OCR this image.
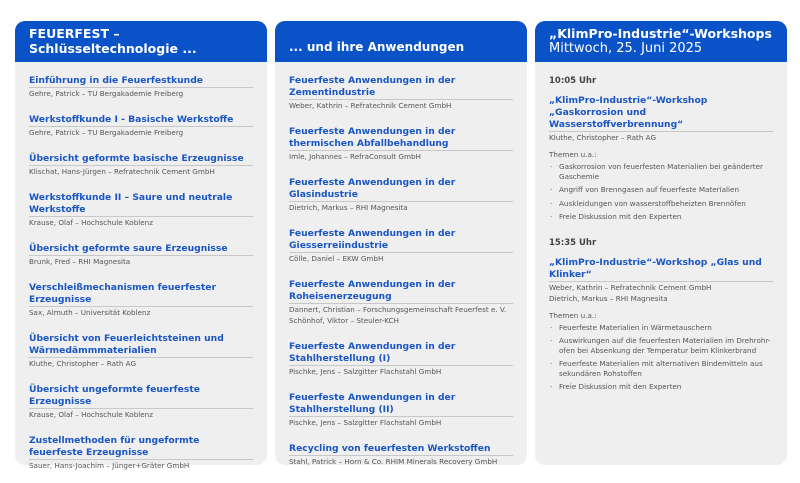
FEUERFEST – Schlüsseltechnologie ...
Einführung in die Feuerfestkunde
Gehre, Patrick – TU Bergakademie Freiberg
Werkstoffkunde I - Basische Werkstoffe
Gehre, Patrick – TU Bergakademie Freiberg
Übersicht geformte basische Erzeugnisse
Klischat, Hans-Jürgen – Refratechnik Cement GmbH
Werkstoffkunde II – Saure und neutrale Werkstoffe
Krause, Olaf – Hochschule Koblenz
Übersicht geformte saure Erzeugnisse
Brunk, Fred – RHI Magnesita
Verschleißmechanismen feuerfester Erzeugnisse
Sax, Almuth – Universität Koblenz
Übersicht von Feuerleichtsteinen und Wärmedämmmaterialien
Kluthe, Christopher – Rath AG
Übersicht ungeformte feuerfeste Erzeugnisse
Krause, Olaf – Hochschule Koblenz
Zustellmethoden für ungeformte feuerfeste Erzeugnisse
Sauer, Hans-Joachim – Jünger+Gräter GmbH
... und ihre Anwendungen
Feuerfeste Anwendungen in der Zementindustrie
Weber, Kathrin – Refratechnik Cement GmbH
Feuerfeste Anwendungen in der thermischen Abfallbehandlung
Imle, Johannes – RefraConsult GmbH
Feuerfeste Anwendungen in der Glasindustrie
Dietrich, Markus – RHI Magnesita
Feuerfeste Anwendungen in der Giesserreiindustrie
Cölle, Daniel – EKW GmbH
Feuerfeste Anwendungen in der Roheisenerzeugung
Dannert, Christian – Forschungsgemeinschaft Feuerfest e. V.
Schönhof, Viktor – Steuler-KCH
Feuerfeste Anwendungen in der Stahlherstellung (I)
Pischke, Jens – Salzgitter Flachstahl GmbH
Feuerfeste Anwendungen in der Stahlherstellung (II)
Pischke, Jens – Salzgitter Flachstahl GmbH
Recycling von feuerfesten Werkstoffen
Stahl, Patrick – Horn & Co. RHIM Minerals Recovery GmbH
„KlimPro-Industrie“-Workshops
Mittwoch, 25. Juni 2025
10:05 Uhr
„KlimPro-Industrie“-Workshop „Gaskorrosion und Wasserstoffverbrennung“
Kluthe, Christopher – Rath AG
Themen u.a.:
· Gaskorrosion von feuerfesten Materialien bei geänderter Gaschemie
· Angriff von Brenngasen auf feuerfeste Materialien
· Auskleidungen von wasserstoffbeheizten Brennöfen
· Freie Diskussion mit den Experten
15:35 Uhr
„KlimPro-Industrie“-Workshop „Glas und Klinker“
Weber, Kathrin – Refratechnik Cement GmbH
Dietrich, Markus – RHI Magnesita
Themen u.a.:
· Feuerfeste Materialien in Wärmetauschern
· Auswirkungen auf die feuerfesten Materialien im Drehrohr-ofen bei Absenkung der Temperatur beim Klinkerbrand
· Feuerfeste Materialien mit alternativen Bindemitteln aus sekundären Rohstoffen
· Freie Diskussion mit den Experten
